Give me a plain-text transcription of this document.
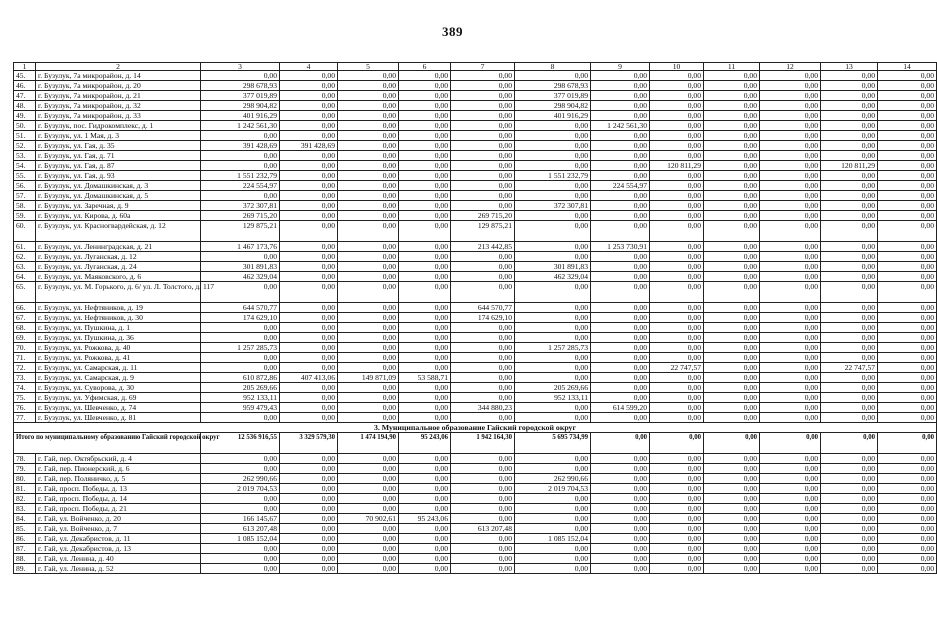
389
1	2	3	4	5	6	7	8	9	10	11	12	13	14
45.	г. Бузулук, 7а микрорайон, д. 14	0,00	0,00	0,00	0,00	0,00	0,00	0,00	0,00	0,00	0,00	0,00	0,00
46.	г. Бузулук, 7а микрорайон, д. 20	298 678,93	0,00	0,00	0,00	0,00	298 678,93	0,00	0,00	0,00	0,00	0,00	0,00
47.	г. Бузулук, 7а микрорайон, д. 21	377 019,89	0,00	0,00	0,00	0,00	377 019,89	0,00	0,00	0,00	0,00	0,00	0,00
48.	г. Бузулук, 7а микрорайон, д. 32	298 904,82	0,00	0,00	0,00	0,00	298 904,82	0,00	0,00	0,00	0,00	0,00	0,00
49.	г. Бузулук, 7а микрорайон, д. 33	401 916,29	0,00	0,00	0,00	0,00	401 916,29	0,00	0,00	0,00	0,00	0,00	0,00
50.	г. Бузулук, пос. Гидрокомплекс, д. 1	1 242 561,30	0,00	0,00	0,00	0,00	0,00	1 242 561,30	0,00	0,00	0,00	0,00	0,00
51.	г. Бузулук, ул. 1 Мая, д. 3	0,00	0,00	0,00	0,00	0,00	0,00	0,00	0,00	0,00	0,00	0,00	0,00
52.	г. Бузулук, ул. Гая, д. 35	391 428,69	391 428,69	0,00	0,00	0,00	0,00	0,00	0,00	0,00	0,00	0,00	0,00
53.	г. Бузулук, ул. Гая, д. 71	0,00	0,00	0,00	0,00	0,00	0,00	0,00	0,00	0,00	0,00	0,00	0,00
54.	г. Бузулук, ул. Гая, д. 87	0,00	0,00	0,00	0,00	0,00	0,00	0,00	120 811,29	0,00	0,00	120 811,29	0,00
55.	г. Бузулук, ул. Гая, д. 93	1 551 232,79	0,00	0,00	0,00	0,00	1 551 232,79	0,00	0,00	0,00	0,00	0,00	0,00
56.	г. Бузулук, ул. Домашкинская, д. 3	224 554,97	0,00	0,00	0,00	0,00	0,00	224 554,97	0,00	0,00	0,00	0,00	0,00
57.	г. Бузулук, ул. Домашкинская, д. 5	0,00	0,00	0,00	0,00	0,00	0,00	0,00	0,00	0,00	0,00	0,00	0,00
58.	г. Бузулук, ул. Заречная, д. 9	372 307,81	0,00	0,00	0,00	0,00	372 307,81	0,00	0,00	0,00	0,00	0,00	0,00
59.	г. Бузулук, ул. Кирова, д. 60а	269 715,20	0,00	0,00	0,00	269 715,20	0,00	0,00	0,00	0,00	0,00	0,00	0,00
60.	г. Бузулук, ул. Красногвардейская, д. 12	129 875,21	0,00	0,00	0,00	129 875,21	0,00	0,00	0,00	0,00	0,00	0,00	0,00
61.	г. Бузулук, ул. Ленинградская, д. 21	1 467 173,76	0,00	0,00	0,00	213 442,85	0,00	1 253 730,91	0,00	0,00	0,00	0,00	0,00
62.	г. Бузулук, ул. Луганская, д. 12	0,00	0,00	0,00	0,00	0,00	0,00	0,00	0,00	0,00	0,00	0,00	0,00
63.	г. Бузулук, ул. Луганская, д. 24	301 891,83	0,00	0,00	0,00	0,00	301 891,83	0,00	0,00	0,00	0,00	0,00	0,00
64.	г. Бузулук, ул. Маяковского, д. 6	462 329,04	0,00	0,00	0,00	0,00	462 329,04	0,00	0,00	0,00	0,00	0,00	0,00
65.	г. Бузулук, ул. М. Горького, д. 6/ ул. Л. Толстого, д. 117	0,00	0,00	0,00	0,00	0,00	0,00	0,00	0,00	0,00	0,00	0,00	0,00
66.	г. Бузулук, ул. Нефтяников, д. 19	644 570,77	0,00	0,00	0,00	644 570,77	0,00	0,00	0,00	0,00	0,00	0,00	0,00
67.	г. Бузулук, ул. Нефтяников, д. 30	174 629,10	0,00	0,00	0,00	174 629,10	0,00	0,00	0,00	0,00	0,00	0,00	0,00
68.	г. Бузулук, ул. Пушкина, д. 1	0,00	0,00	0,00	0,00	0,00	0,00	0,00	0,00	0,00	0,00	0,00	0,00
69.	г. Бузулук, ул. Пушкина, д. 36	0,00	0,00	0,00	0,00	0,00	0,00	0,00	0,00	0,00	0,00	0,00	0,00
70.	г. Бузулук, ул. Рожкова, д. 40	1 257 285,73	0,00	0,00	0,00	0,00	1 257 285,73	0,00	0,00	0,00	0,00	0,00	0,00
71.	г. Бузулук, ул. Рожкова, д. 41	0,00	0,00	0,00	0,00	0,00	0,00	0,00	0,00	0,00	0,00	0,00	0,00
72.	г. Бузулук, ул. Самарская, д. 11	0,00	0,00	0,00	0,00	0,00	0,00	0,00	22 747,57	0,00	0,00	22 747,57	0,00
73.	г. Бузулук, ул. Самарская, д. 9	610 872,86	407 413,06	149 871,09	53 588,71	0,00	0,00	0,00	0,00	0,00	0,00	0,00	0,00
74.	г. Бузулук, ул. Суворова, д. 30	205 269,66	0,00	0,00	0,00	0,00	205 269,66	0,00	0,00	0,00	0,00	0,00	0,00
75.	г. Бузулук, ул. Уфимская, д. 69	952 133,11	0,00	0,00	0,00	0,00	952 133,11	0,00	0,00	0,00	0,00	0,00	0,00
76.	г. Бузулук, ул. Шевченко, д. 74	959 479,43	0,00	0,00	0,00	344 880,23	0,00	614 599,20	0,00	0,00	0,00	0,00	0,00
77.	г. Бузулук, ул. Шевченко, д. 81	0,00	0,00	0,00	0,00	0,00	0,00	0,00	0,00	0,00	0,00	0,00	0,00
3. Муниципальное образование Гайский городской округ													
Итого по муниципальному образованию Гайский городской округ		12 536 916,55	3 329 579,30	1 474 194,90	95 243,06	1 942 164,30	5 695 734,99	0,00	0,00	0,00	0,00	0,00	0,00
78.	г. Гай, пер. Октябрьский, д. 4	0,00	0,00	0,00	0,00	0,00	0,00	0,00	0,00	0,00	0,00	0,00	0,00
79.	г. Гай, пер. Пионерский, д. 6	0,00	0,00	0,00	0,00	0,00	0,00	0,00	0,00	0,00	0,00	0,00	0,00
80.	г. Гай, пер. Поляничко, д. 5	262 990,66	0,00	0,00	0,00	0,00	262 990,66	0,00	0,00	0,00	0,00	0,00	0,00
81.	г. Гай, просп. Победы, д. 13	2 019 704,53	0,00	0,00	0,00	0,00	2 019 704,53	0,00	0,00	0,00	0,00	0,00	0,00
82.	г. Гай, просп. Победы, д. 14	0,00	0,00	0,00	0,00	0,00	0,00	0,00	0,00	0,00	0,00	0,00	0,00
83.	г. Гай, просп. Победы, д. 21	0,00	0,00	0,00	0,00	0,00	0,00	0,00	0,00	0,00	0,00	0,00	0,00
84.	г. Гай, ул. Войченко, д. 20	166 145,67	0,00	70 902,61	95 243,06	0,00	0,00	0,00	0,00	0,00	0,00	0,00	0,00
85.	г. Гай, ул. Войченко, д. 7	613 207,48	0,00	0,00	0,00	613 207,48	0,00	0,00	0,00	0,00	0,00	0,00	0,00
86.	г. Гай, ул. Декабристов, д. 11	1 085 152,04	0,00	0,00	0,00	0,00	1 085 152,04	0,00	0,00	0,00	0,00	0,00	0,00
87.	г. Гай, ул. Декабристов, д. 13	0,00	0,00	0,00	0,00	0,00	0,00	0,00	0,00	0,00	0,00	0,00	0,00
88.	г. Гай, ул. Ленина, д. 40	0,00	0,00	0,00	0,00	0,00	0,00	0,00	0,00	0,00	0,00	0,00	0,00
89.	г. Гай, ул. Ленина, д. 52	0,00	0,00	0,00	0,00	0,00	0,00	0,00	0,00	0,00	0,00	0,00	0,00
